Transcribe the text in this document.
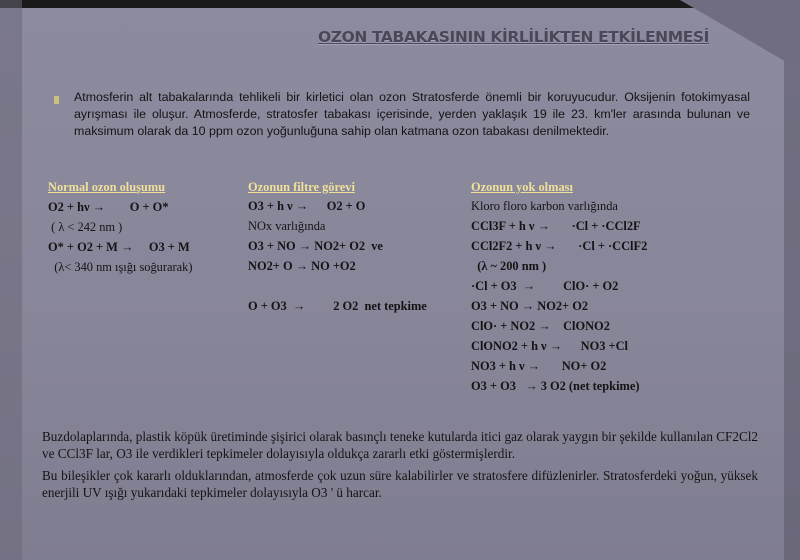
OZON TABAKASININ KİRLİLİKTEN ETKİLENMESİ

Atmosferin alt tabakalarında tehlikeli bir kirletici olan ozon Stratosferde önemli bir koruyucudur. Oksijenin fotokimyasal ayrışması ile oluşur. Atmosferde, stratosfer tabakası içerisinde, yerden yaklaşık 19 ile 23. km'ler arasında bulunan ve maksimum olarak da 10 ppm ozon yoğunluğuna sahip olan katmana ozon tabakası denilmektedir.

Normal ozon oluşumu
O2 + hν →        O + O*
( λ < 242 nm )
O* + O2 + M →     O3 + M
(λ< 340 nm ışığı soğurarak)
Ozonun filtre görevi
O3 + h ν →      O2 + O
NOx varlığında
O3 + NO → NO2+ O2  ve
NO2+ O → NO +O2
O + O3  →         2 O2  net tepkime
Ozonun yok olması
Kloro floro karbon varlığında
CCl3F + h ν →       ·Cl + ·CCl2F
CCl2F2 + h ν →       ·Cl + ·CClF2
(λ ~ 200 nm )
·Cl + O3  →         ClO· + O2
O3 + NO → NO2+ O2
ClO· + NO2 →    ClONO2
ClONO2 + h ν →      NO3 +Cl
NO3 + h ν →       NO+ O2
O3 + O3   → 3 O2 (net tepkime)

Buzdolaplarında, plastik köpük üretiminde şişirici olarak basınçlı teneke kutularda itici gaz olarak yaygın bir şekilde kullanılan CF2Cl2 ve CCl3F lar, O3 ile verdikleri tepkimeler dolayısıyla oldukça zararlı etki göstermişlerdir.

Bu bileşikler çok kararlı olduklarından, atmosferde çok uzun süre kalabilirler ve stratosfere difüzlenirler. Stratosferdeki yoğun, yüksek enerjili UV ışığı yukarıdaki tepkimeler dolayısıyla O3 ' ü harcar.
